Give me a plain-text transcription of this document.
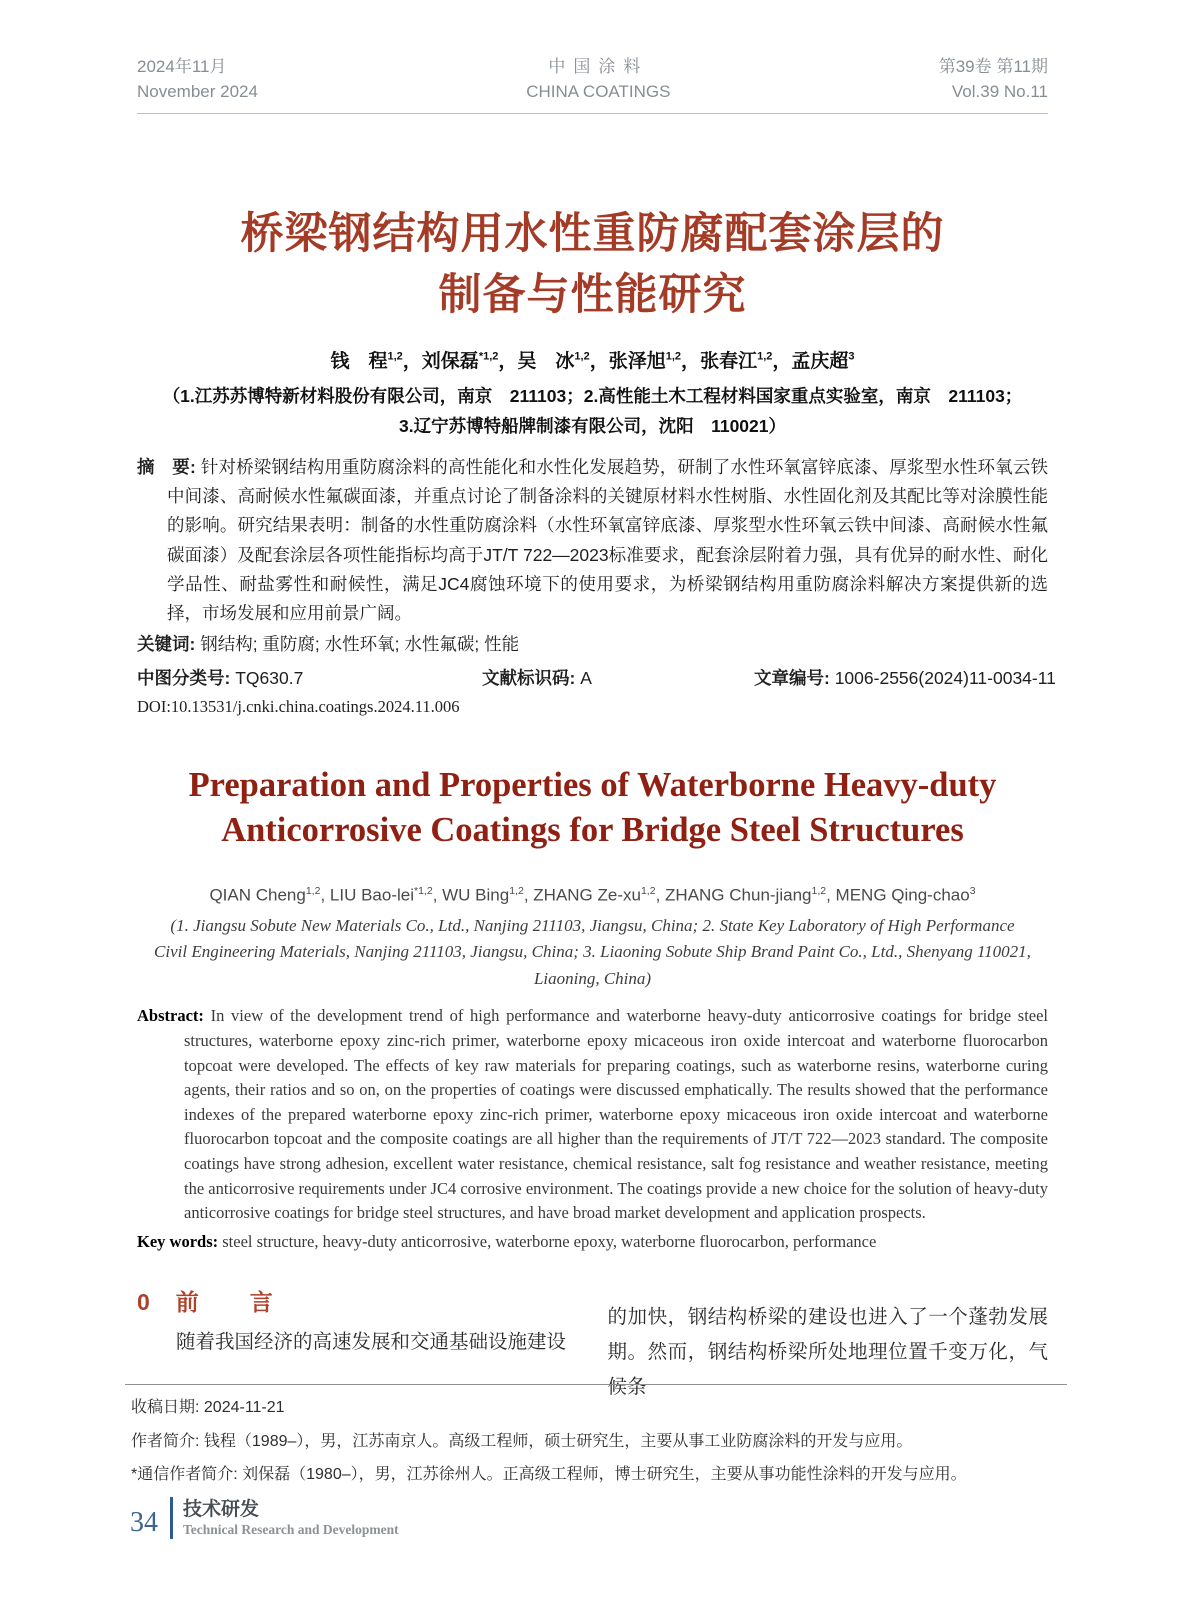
2024年11月
November 2024
中国涂料
CHINA COATINGS
第39卷 第11期
Vol.39 No.11
桥梁钢结构用水性重防腐配套涂层的
制备与性能研究
钱　程$^{1,2}$，刘保磊$^{*1,2}$，吴　冰$^{1,2}$，张泽旭$^{1,2}$，张春江$^{1,2}$，孟庆超$^3$
（1.江苏苏博特新材料股份有限公司，南京　211103；2.高性能土木工程材料国家重点实验室，南京　211103；
3.辽宁苏博特船牌制漆有限公司，沈阳　110021）

摘　要: 针对桥梁钢结构用重防腐涂料的高性能化和水性化发展趋势，研制了水性环氧富锌底漆、厚浆型水性环氧云铁中间漆、高耐候水性氟碳面漆，并重点讨论了制备涂料的关键原材料水性树脂、水性固化剂及其配比等对涂膜性能的影响。研究结果表明：制备的水性重防腐涂料（水性环氧富锌底漆、厚浆型水性环氧云铁中间漆、高耐候水性氟碳面漆）及配套涂层各项性能指标均高于JT/T 722—2023标准要求，配套涂层附着力强，具有优异的耐水性、耐化学品性、耐盐雾性和耐候性，满足JC4腐蚀环境下的使用要求，为桥梁钢结构用重防腐涂料解决方案提供新的选择，市场发展和应用前景广阔。

关键词: 钢结构; 重防腐; 水性环氧; 水性氟碳; 性能

中图分类号: TQ630.7	文献标识码: A	文章编号: 1006-2556(2024)11-0034-11
DOI:10.13531/j.cnki.china.coatings.2024.11.006
Preparation and Properties of Waterborne Heavy-duty
Anticorrosive Coatings for Bridge Steel Structures
QIAN Cheng$^{1,2}$, LIU Bao-lei$^{*1,2}$, WU Bing$^{1,2}$, ZHANG Ze-xu$^{1,2}$, ZHANG Chun-jiang$^{1,2}$, MENG Qing-chao$^3$
(1. Jiangsu Sobute New Materials Co., Ltd., Nanjing 211103, Jiangsu, China; 2. State Key Laboratory of High Performance
Civil Engineering Materials, Nanjing 211103, Jiangsu, China; 3. Liaoning Sobute Ship Brand Paint Co., Ltd., Shenyang 110021,
Liaoning, China)

Abstract: In view of the development trend of high performance and waterborne heavy-duty anticorrosive coatings for bridge steel structures, waterborne epoxy zinc-rich primer, waterborne epoxy micaceous iron oxide intercoat and waterborne fluorocarbon topcoat were developed. The effects of key raw materials for preparing coatings, such as waterborne resins, waterborne curing agents, their ratios and so on, on the properties of coatings were discussed emphatically. The results showed that the performance indexes of the prepared waterborne epoxy zinc-rich primer, waterborne epoxy micaceous iron oxide intercoat and waterborne fluorocarbon topcoat and the composite coatings are all higher than the requirements of JT/T 722—2023 standard. The composite coatings have strong adhesion, excellent water resistance, chemical resistance, salt fog resistance and weather resistance, meeting the anticorrosive requirements under JC4 corrosive environment. The coatings provide a new choice for the solution of heavy-duty anticorrosive coatings for bridge steel structures, and have broad market development and application prospects.

Key words: steel structure, heavy-duty anticorrosive, waterborne epoxy, waterborne fluorocarbon, performance

0 前　言

随着我国经济的高速发展和交通基础设施建设

的加快，钢结构桥梁的建设也进入了一个蓬勃发展期。然而，钢结构桥梁所处地理位置千变万化，气候条

收稿日期: 2024-11-21

作者简介: 钱程（1989–），男，江苏南京人。高级工程师，硕士研究生，主要从事工业防腐涂料的开发与应用。

*通信作者简介: 刘保磊（1980–），男，江苏徐州人。正高级工程师，博士研究生，主要从事功能性涂料的开发与应用。

34 技术研发
Technical Research and Development
